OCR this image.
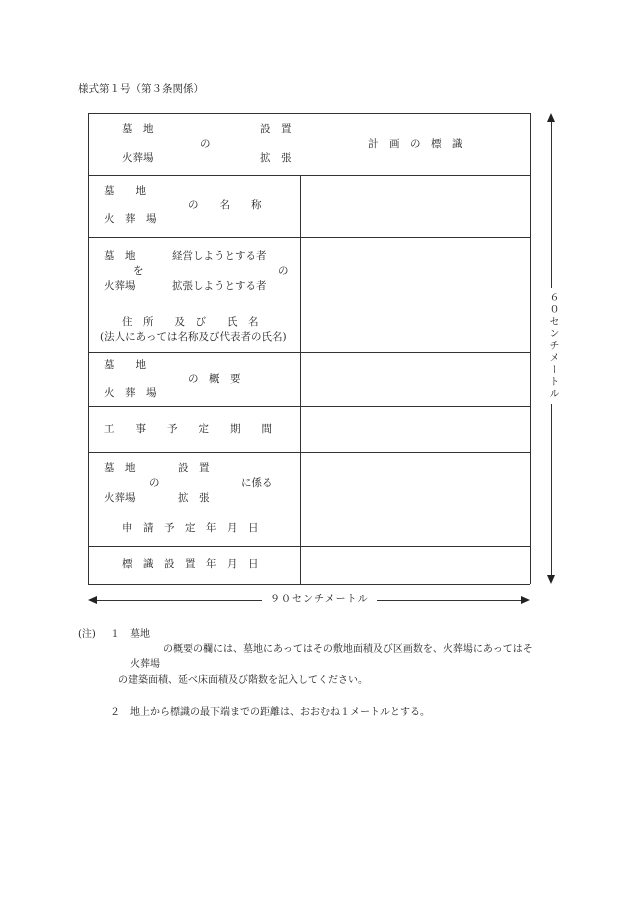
様式第１号（第３条関係）
墓　地	設　置
の	計　画　の　標　識
火葬場	拡　張
墓　　地
の　　名　　称
火　葬　場
墓　地	経営しようとする者
を	の
火葬場	拡張しようとする者
住　所　　及　び　　氏　名
(法人にあっては名称及び代表者の氏名)
墓　　地
の　概　要
火　葬　場
工　　事　　予　　定　　期　　間
墓　地	設　置
の	に係る
火葬場	拡　張
申　請　予　定　年　月　日
標　識　設　置　年　月　日
６０センチメートル
９０センチメートル
(注) １ 墓地
の概要の欄には、墓地にあってはその敷地面積及び区画数を、火葬場にあってはそ
火葬場
の建築面積、延べ床面積及び階数を記入してください。
２ 地上から標識の最下端までの距離は、おおむね１メートルとする。
